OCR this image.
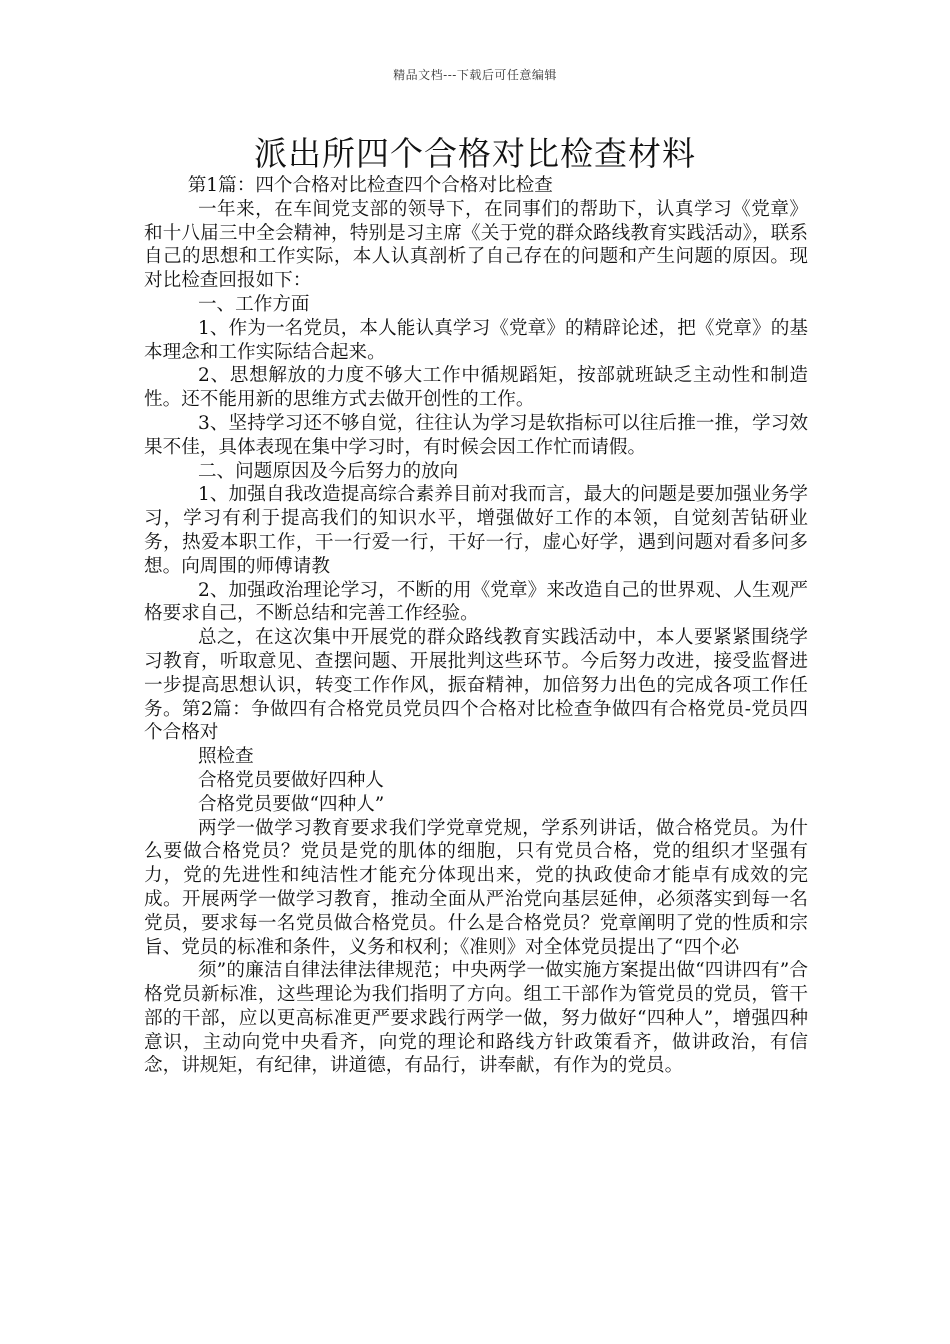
精品文档---下载后可任意编辑
派出所四个合格对比检查材料

第1篇：四个合格对比检查四个合格对比检查

一年来，在车间党支部的领导下，在同事们的帮助下，认真学习《党章》和十八届三中全会精神，特别是习主席《关于党的群众路线教育实践活动》，联系自己的思想和工作实际，本人认真剖析了自己存在的问题和产生问题的原因。现对比检查回报如下：

一、工作方面

1、作为一名党员，本人能认真学习《党章》的精辟论述，把《党章》的基本理念和工作实际结合起来。

2、思想解放的力度不够大工作中循规蹈矩，按部就班缺乏主动性和制造性。还不能用新的思维方式去做开创性的工作。

3、坚持学习还不够自觉，往往认为学习是软指标可以往后推一推，学习效果不佳，具体表现在集中学习时，有时候会因工作忙而请假。

二、问题原因及今后努力的放向

1、加强自我改造提高综合素养目前对我而言，最大的问题是要加强业务学习，学习有利于提高我们的知识水平，增强做好工作的本领，自觉刻苦钻研业务，热爱本职工作，干一行爱一行，干好一行，虚心好学，遇到问题对看多问多想。向周围的师傅请教

2、加强政治理论学习，不断的用《党章》来改造自己的世界观、人生观严格要求自己，不断总结和完善工作经验。

总之，在这次集中开展党的群众路线教育实践活动中，本人要紧紧围绕学习教育，听取意见、查摆问题、开展批判这些环节。今后努力改进，接受监督进一步提高思想认识，转变工作作风，振奋精神，加倍努力出色的完成各项工作任务。第2篇：争做四有合格党员党员四个合格对比检查争做四有合格党员-党员四个合格对

照检查

合格党员要做好四种人

合格党员要做“四种人”

两学一做学习教育要求我们学党章党规，学系列讲话，做合格党员。为什么要做合格党员？党员是党的肌体的细胞，只有党员合格，党的组织才坚强有力，党的先进性和纯洁性才能充分体现出来，党的执政使命才能卓有成效的完成。开展两学一做学习教育，推动全面从严治党向基层延伸，必须落实到每一名党员，要求每一名党员做合格党员。什么是合格党员？党章阐明了党的性质和宗旨、党员的标准和条件，义务和权利；《准则》对全体党员提出了“四个必

须”的廉洁自律法律法律规范；中央两学一做实施方案提出做“四讲四有”合格党员新标准，这些理论为我们指明了方向。组工干部作为管党员的党员，管干部的干部，应以更高标准更严要求践行两学一做，努力做好“四种人”，增强四种意识，主动向党中央看齐，向党的理论和路线方针政策看齐，做讲政治，有信念，讲规矩，有纪律，讲道德，有品行，讲奉献，有作为的党员。
